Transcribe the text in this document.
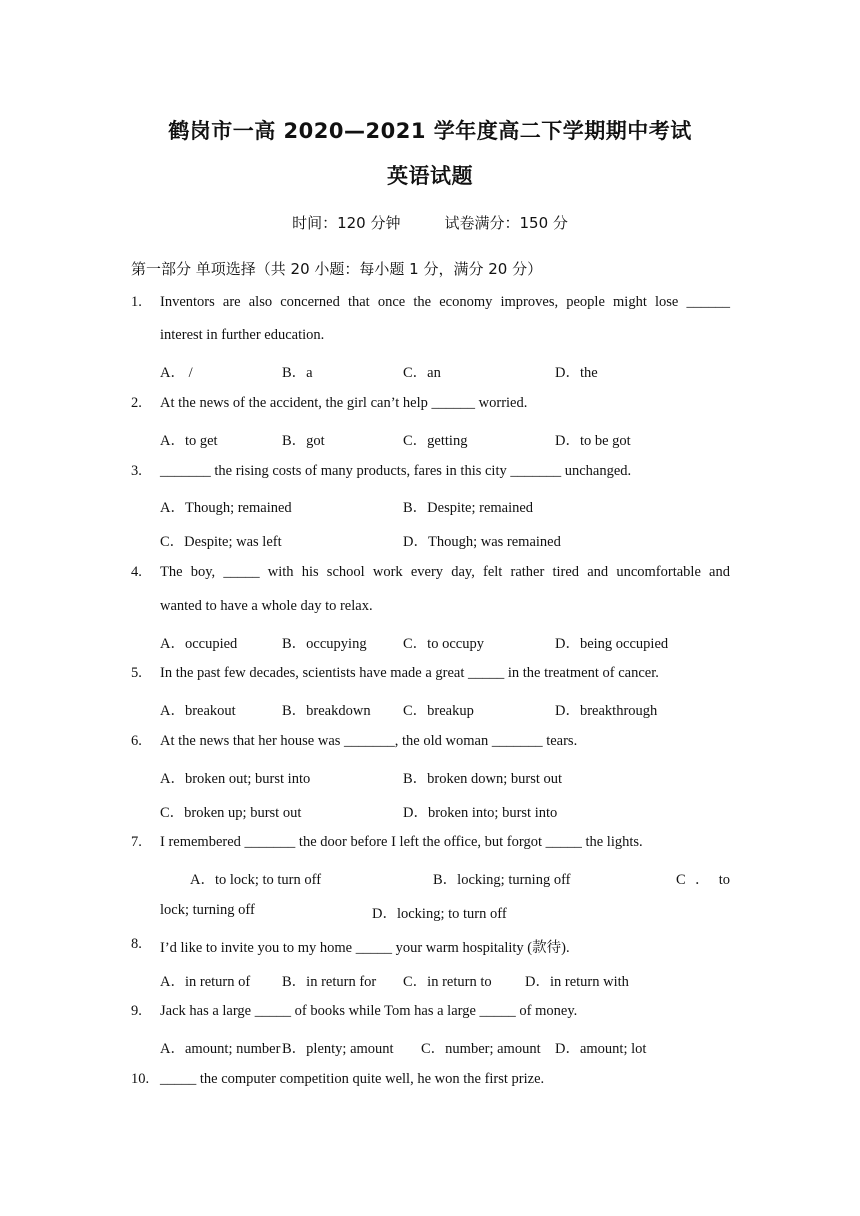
鹤岗市一高 2020—2021 学年度高二下学期期中考试
英语试题
时间：120 分钟	试卷满分：150 分
第一部分 单项选择（共 20 小题：每小题 1 分，满分 20 分）
1. Inventors are also concerned that once the economy improves, people might lose ______
interest in further education.
A． /	B．a	C．an	D．the
2. At the news of the accident, the girl can’t help ______ worried.
A．to get	B．got	C．getting	D．to be got
3. _______ the rising costs of many products, fares in this city _______ unchanged.
A．Though; remained	B．Despite; remained
C．Despite; was left	D．Though; was remained
4. The boy, _____ with his school work every day, felt rather tired and uncomfortable and
wanted to have a whole day to relax.
A．occupied	B．occupying	C．to occupy	D．being occupied
5. In the past few decades, scientists have made a great _____ in the treatment of cancer.
A．breakout	B．breakdown C．breakup	D．breakthrough
6. At the news that her house was _______, the old woman _______ tears.
A．broken out; burst into	B．broken down; burst out
C．broken up; burst out	D．broken into; burst into
7. I remembered _______ the door before I left the office, but forgot _____ the lights.
A．to lock; to turn off	B．locking; turning off	C．to
lock; turning off	D．locking; to turn off
8. I’d like to invite you to my home _____ your warm hospitality (款待).
A．in return of B．in return for C．in return to D．in return with
9. Jack has a large _____ of books while Tom has a large _____ of money.
A．amount; number B．plenty; amount C．number; amount D．amount; lot
10. _____ the computer competition quite well, he won the first prize.
